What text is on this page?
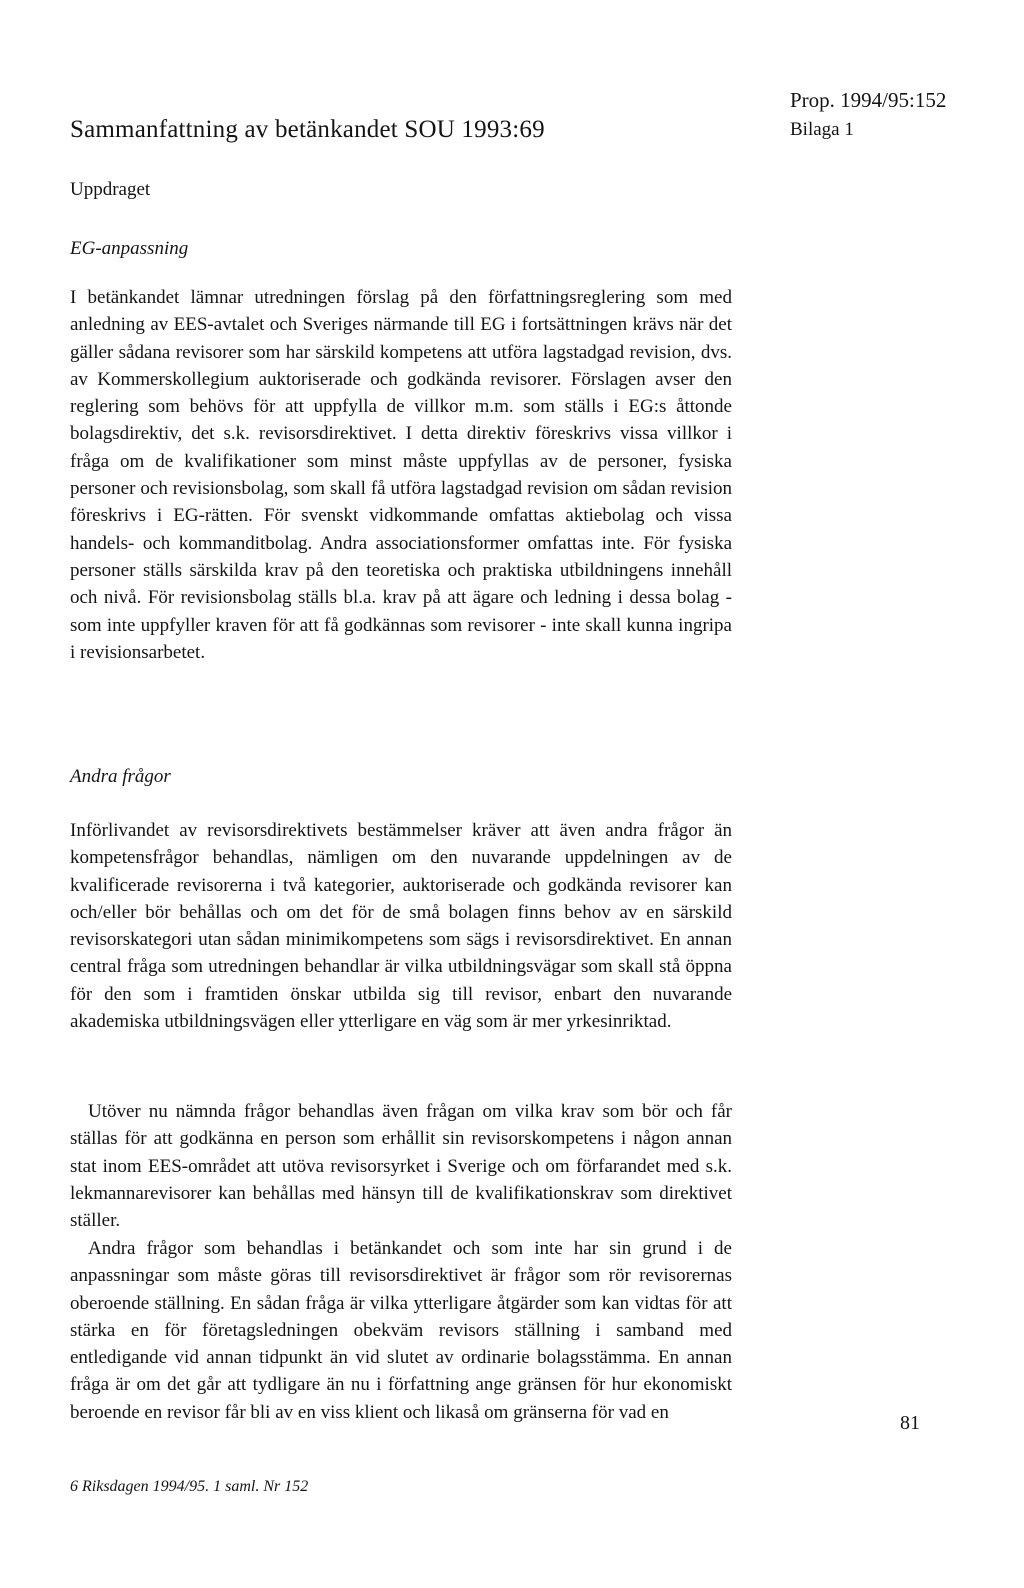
Sammanfattning av betänkandet SOU 1993:69
Prop. 1994/95:152
Bilaga 1
Uppdraget
EG-anpassning
I betänkandet lämnar utredningen förslag på den författningsreglering som med anledning av EES-avtalet och Sveriges närmande till EG i fortsättningen krävs när det gäller sådana revisorer som har särskild kompetens att utföra lagstadgad revision, dvs. av Kommerskollegium auktoriserade och godkända revisorer. Förslagen avser den reglering som behövs för att uppfylla de villkor m.m. som ställs i EG:s åttonde bolagsdirektiv, det s.k. revisorsdirektivet. I detta direktiv föreskrivs vissa villkor i fråga om de kvalifikationer som minst måste uppfyllas av de personer, fysiska personer och revisionsbolag, som skall få utföra lagstadgad revision om sådan revision föreskrivs i EG-rätten. För svenskt vidkommande omfattas aktiebolag och vissa handels- och kommanditbolag. Andra associationsformer omfattas inte. För fysiska personer ställs särskilda krav på den teoretiska och praktiska utbildningens innehåll och nivå. För revisionsbolag ställs bl.a. krav på att ägare och ledning i dessa bolag - som inte uppfyller kraven för att få godkännas som revisorer - inte skall kunna ingripa i revisionsarbetet.
Andra frågor
Införlivandet av revisorsdirektivets bestämmelser kräver att även andra frågor än kompetensfrågor behandlas, nämligen om den nuvarande uppdelningen av de kvalificerade revisorerna i två kategorier, auktoriserade och godkända revisorer kan och/eller bör behållas och om det för de små bolagen finns behov av en särskild revisorskategori utan sådan minimikompetens som sägs i revisorsdirektivet. En annan central fråga som utredningen behandlar är vilka utbildningsvägar som skall stå öppna för den som i framtiden önskar utbilda sig till revisor, enbart den nuvarande akademiska utbildningsvägen eller ytterligare en väg som är mer yrkesinriktad.
Utöver nu nämnda frågor behandlas även frågan om vilka krav som bör och får ställas för att godkänna en person som erhållit sin revisorskompetens i någon annan stat inom EES-området att utöva revisorsyrket i Sverige och om förfarandet med s.k. lekmannarevisorer kan behållas med hänsyn till de kvalifikationskrav som direktivet ställer.
Andra frågor som behandlas i betänkandet och som inte har sin grund i de anpassningar som måste göras till revisorsdirektivet är frågor som rör revisorernas oberoende ställning. En sådan fråga är vilka ytterligare åtgärder som kan vidtas för att stärka en för företagsledningen obekväm revisors ställning i samband med entledigande vid annan tidpunkt än vid slutet av ordinarie bolagsstämma. En annan fråga är om det går att tydligare än nu i författning ange gränsen för hur ekonomiskt beroende en revisor får bli av en viss klient och likaså om gränserna för vad en	81
6 Riksdagen 1994/95. 1 saml. Nr 152
